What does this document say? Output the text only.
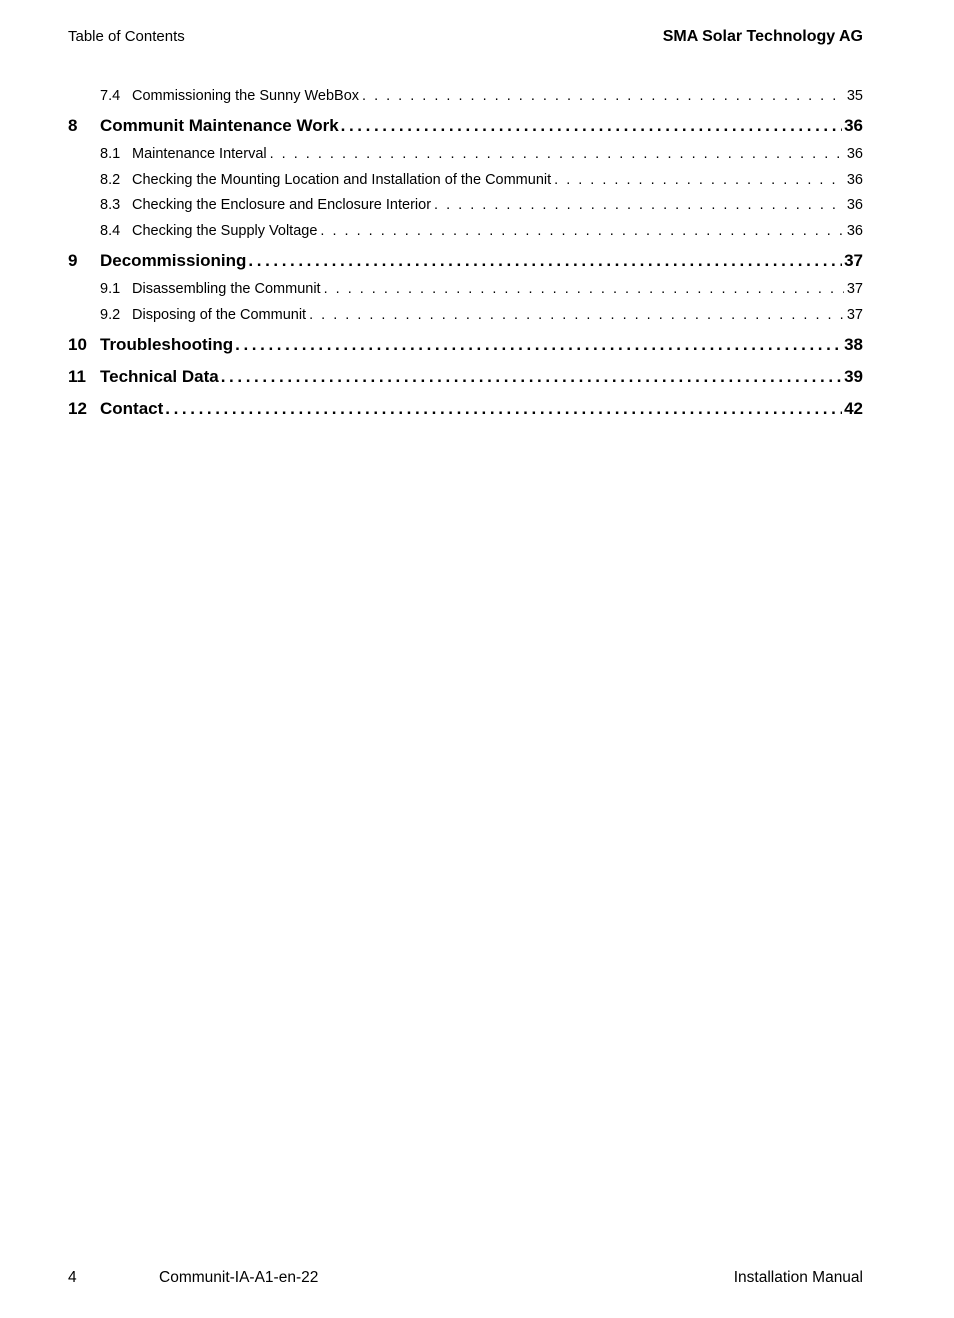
Table of Contents	SMA Solar Technology AG
7.4 Commissioning the Sunny WebBox . . .	35
8	Communit Maintenance Work .....	36
8.1 Maintenance Interval . . .	36
8.2 Checking the Mounting Location and Installation of the Communit . . .	36
8.3 Checking the Enclosure and Enclosure Interior . . .	36
8.4 Checking the Supply Voltage . . .	36
9	Decommissioning .....	37
9.1 Disassembling the Communit . . .	37
9.2 Disposing of the Communit . . .	37
10 Troubleshooting .....	38
11 Technical Data .....	39
12 Contact .....	42
4	Communit-IA-A1-en-22	Installation Manual
